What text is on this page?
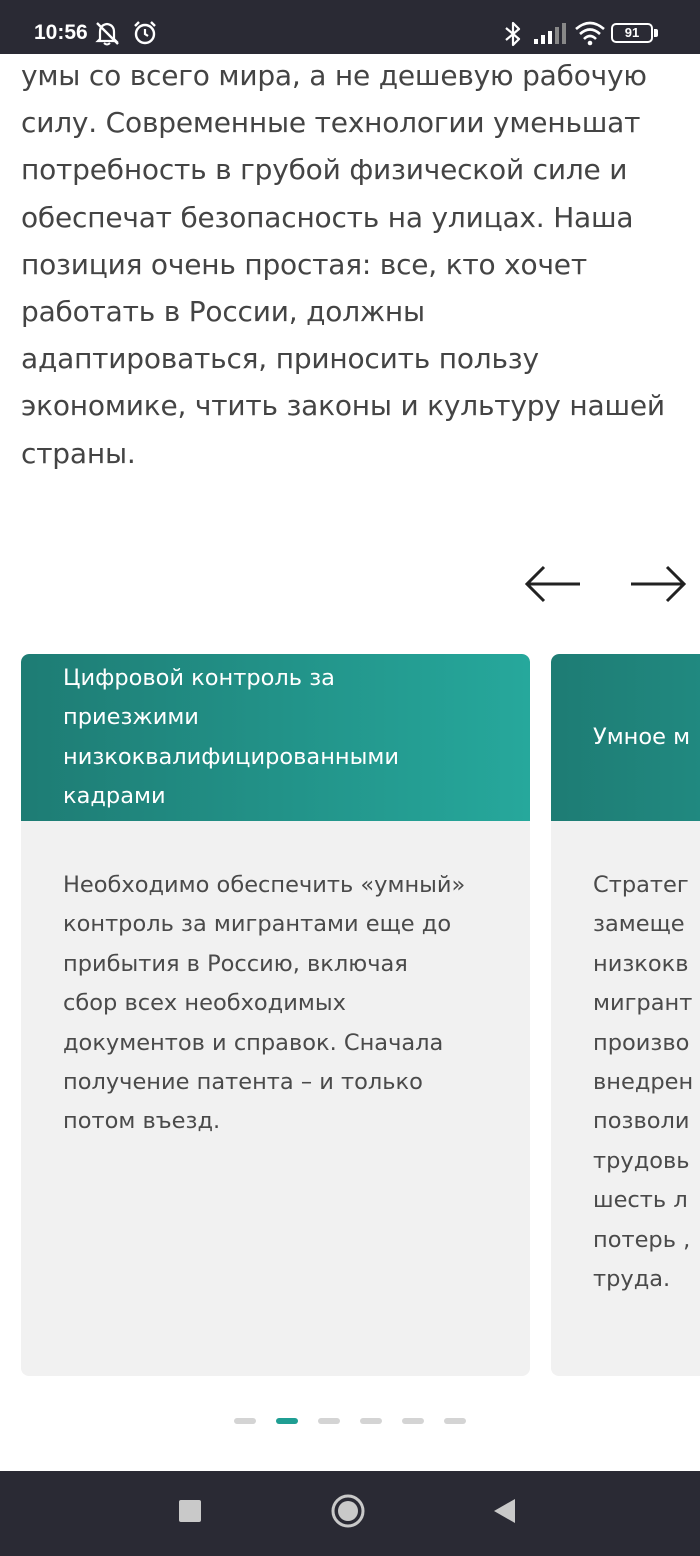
10:56	91
умы со всего мира, а не дешевую рабочую
силу. Современные технологии уменьшат
потребность в грубой физической силе и
обеспечат безопасность на улицах. Наша
позиция очень простая: все, кто хочет
работать в России, должны
адаптироваться, приносить пользу
экономике, чтить законы и культуру нашей
страны.
Цифровой контроль за
приезжими
низкоквалифицированными
кадрами
Необходимо обеспечить «умный»
контроль за мигрантами еще до
прибытия в Россию, включая
сбор всех необходимых
документов и справок. Сначала
получение патента – и только
потом въезд.
Умное м
Стратег
замеще
низкокв
мигрант
произво
внедрен
позволи
трудовь
шесть л
потерь ,
труда.
